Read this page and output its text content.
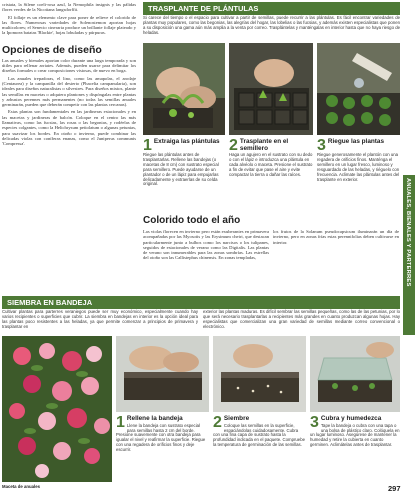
cristata, la Silene coeli-rosa azul, la Nemophila insignis y las pálidas flores verdes de la Nicotiana langsdorffii.

El follaje es un elemento clave para poner de relieve el colorido de las flores. Numerosas variedades de Solenostemon aportan hojas multicolores; el Senecio cineraria produce un brillante follaje plateado y la Ipomoea batatas 'Blackie', hojas lobuladas y púrpuras.

Opciones de diseño

Las anuales y bienales aportan color durante una larga temporada y son útiles para rellenar arriates. Además, pueden usarse para delimitar los diseños formales o crear composiciones vistosas, de nuevo en boga.

Las anuales trepadoras, el lino, como las amapolas, el arodaje (Centaurea) y la campanilla del desierto (Phacelia campanularia), son ideales para diseños naturalistas o silvestres. Para diseños mixtos, plante las semillas en macetas o adquiera plantones y dispóngalas entre plantas y arbustos perennes más permanentes (no todas las semillas anuales germinarán, pueden que deberán competir con las plantas cercanas).

Estas plantas son fundamentales en las jardineras estacionales y en las macetas y jardineras de balcón. Coloque en el centro las más llamativas, como las fucsias, las rosas o las begonias, y rodéelas de especies colgantes, como la Helichrysum petiolatum o algunas petunias, para suavizar los bordes. En otoño o invierno, puede combinar las delicadas violas con coníferas enanas, como el Juniperus communis 'Compressa'.

TRASPLANTE DE PLÁNTULAS
Si carece del tiempo o el espacio para cultivar a partir de semillas, puede recurrir a las plántulas. Es fácil encontrar variedades de plantas muy populares, como las begonias, las alegrías del hogar, las lobelias o las fucsias, y además existen especialistas que ponen a su disposición una gama aún más amplia a la venta por correo. Trasplántelas y manténgalas en interior hasta que no haya riesgo de heladas.
1 Extraiga las plántulas
Riegue las plántulas antes de trasplantarlas. Rellene las bandejas (o macetas de 8 cm) con sustrato especial para semillero. Puede ayudarse de un plantador o de un lápiz para empujarlas delicadamente y extraerlas de su celda original.
2 Trasplante en el semillero
Haga un agujero en el sustrato con su dedo o con el lápiz e introduzca una plántula en cada alvéolo o maceta. Presione el sustrato a fin de evitar que pase el aire y evite compactar la tierra o dañar las raíces.
3 Riegue las plantas
Riegue generosamente el plantón con una regadera de orificios finos. Manténga el semillero en un lugar fresco, luminoso y resguardado de las heladas, y riéguelo con frecuencia. Aclimate las plántulas antes del trasplante en exterior.
Colorido todo el año
Las violas florecen en invierno pero están exuberantes en primavera acompañadas por las Myosotis y las Erysimum cheiri, que destacan particularmente junto a bulbos como los narcisos o los tulipanes, seguidos de estacionales de verano como las Digitalis. Las plantas de verano son innumerables para las zonas sombrías. Las estrellas del otoño son las Callistephus chinensis. En zonas templadas,
los frutos de la Solanum pseudocapsicum iluminarán un día de invierno, pero en zonas frías estas perennifolias deben cultivarse en interior.	ANUALES, BIENALES Y PARTERRES
SIEMBRA EN BANDEJA
Cultivar plantas para parterres veraniegos puede ser muy económico, especialmente cuando hay varios recipientes o superficies que cubrir. La siembra en bandejas en interior es la opción ideal para las plantas poco resistentes a las heladas, ya que permite comenzar a principios de primavera y trasplantar en
exterior las plantas maduras. Es difícil sembrar las semillas pequeñas, como las de las petunias, por lo que será necesario trasplantarlas a recipientes más grandes en cuanto produzcan algunas hojas. Hay especialistas que comercializan una gran variedad de semillas mediante correo convencional o electrónico.
1 Rellene la bandeja
Llene la bandeja con sustrato especial para semillas hasta 2 cm del borde. Presione suavemente con otra bandeja para igualar el nivel y reafirmar la superficie. Riegue con una regadera de orificios finos y deje escurrir.
2 Siembre
Coloque las semillas en la superficie, espaciándolas cuidadosamente. Cubra con una fina capa de sustrato hasta la profundidad indicada en el paquete. Compruebe la temperatura de germinación de las semillas.
3 Cubra y humedezca
Tape la bandeja o cubra con una tapa o una bolsa de plástico claro. Colóquela en un lugar luminoso. Asegúrese de mantener la humedad y retire la cubierta en cuanto germinen. Aclimátelas antes de trasplantar.
Maceta de anuales	297
